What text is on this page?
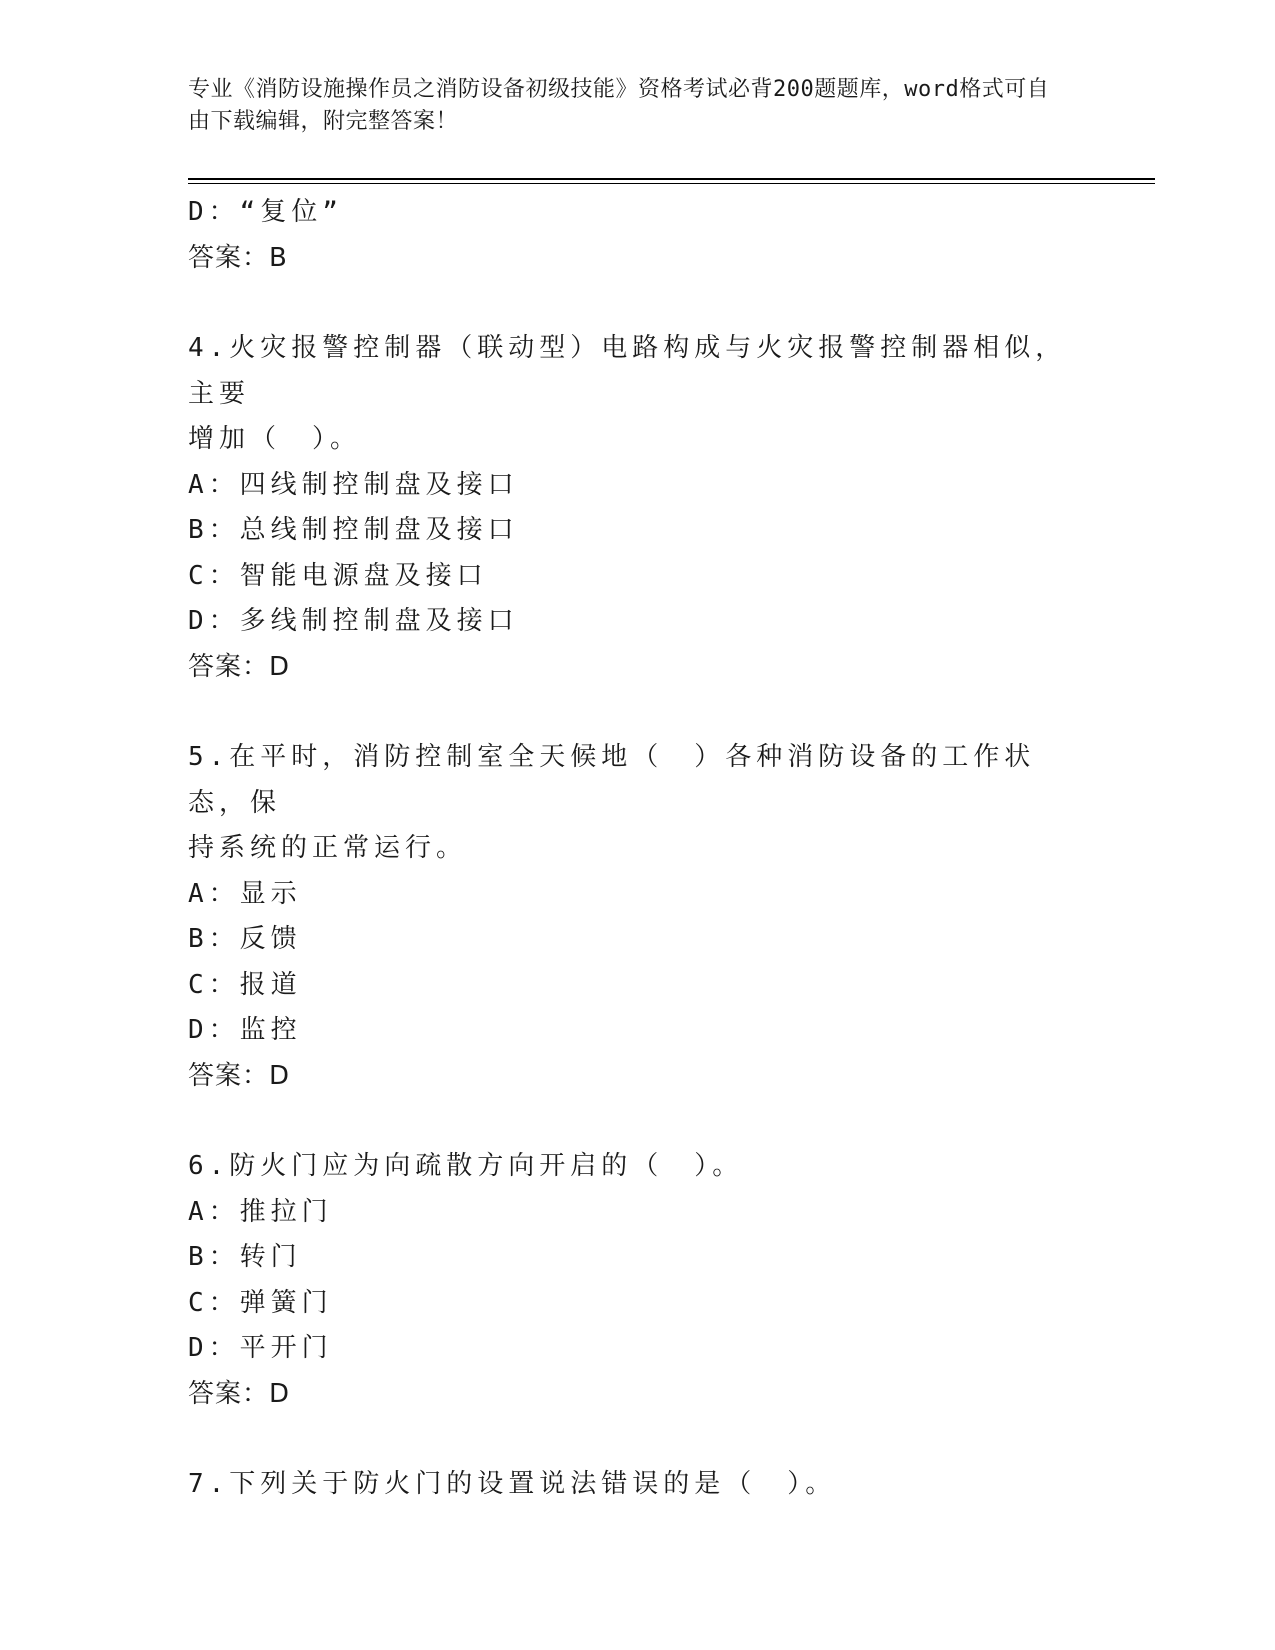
专业《消防设施操作员之消防设备初级技能》资格考试必背200题题库，word格式可自由下载编辑，附完整答案！
D：“复位”
答案：B
4.火灾报警控制器（联动型）电路构成与火灾报警控制器相似，主要
增加（　）。
A：四线制控制盘及接口
B：总线制控制盘及接口
C：智能电源盘及接口
D：多线制控制盘及接口
答案：D
5.在平时，消防控制室全天候地（　）各种消防设备的工作状态，保
持系统的正常运行。
A：显示
B：反馈
C：报道
D：监控
答案：D
6.防火门应为向疏散方向开启的（　）。
A：推拉门
B：转门
C：弹簧门
D：平开门
答案：D
7.下列关于防火门的设置说法错误的是（　）。
